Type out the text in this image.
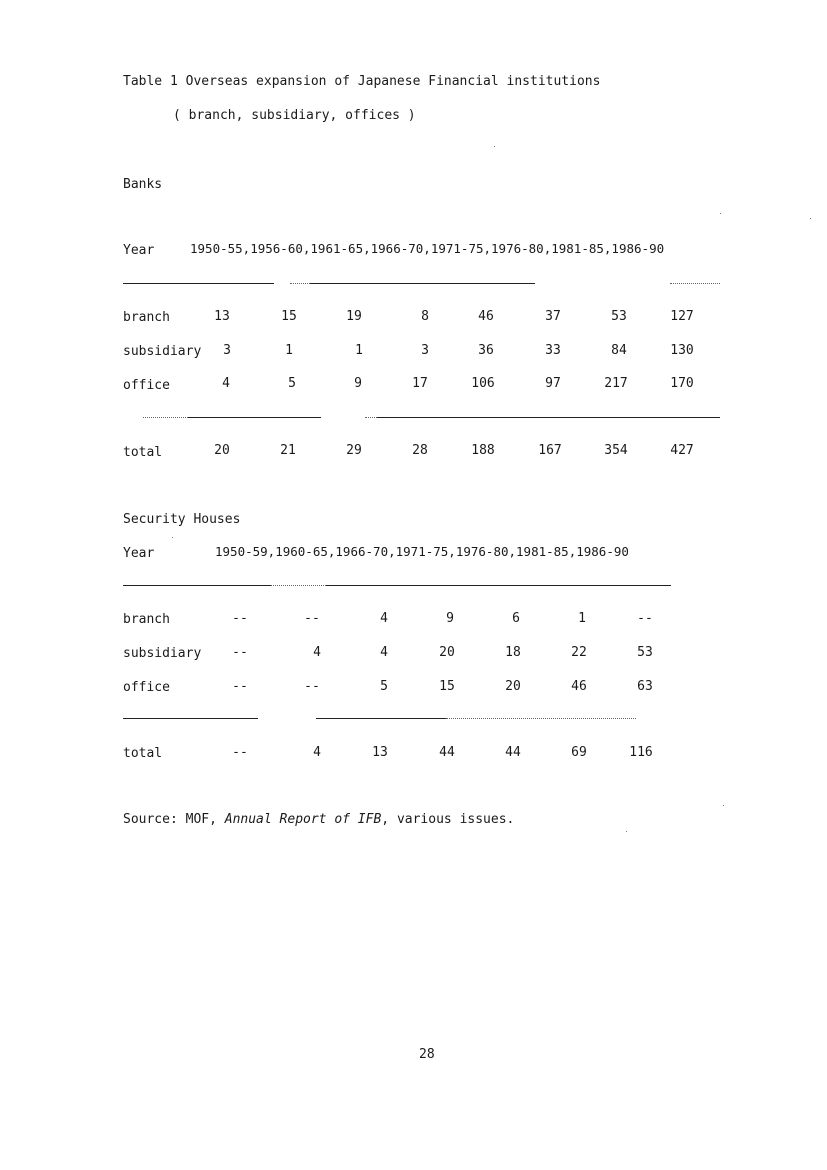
Table 1 Overseas expansion of Japanese Financial institutions
( branch, subsidiary, offices )
Banks
Year	1950-55,1956-60,1961-65,1966-70,1971-75,1976-80,1981-85,1986-90
branch	13	15	19	8	46	37	53	127
subsidiary	3	1	1	3	36	33	84	130
office	4	5	9	17	106	97	217	170
total	20	21	29	28	188	167	354	427
Security Houses
Year	1950-59,1960-65,1966-70,1971-75,1976-80,1981-85,1986-90
branch	--	--	4	9	6	1	--
subsidiary	--	4	4	20	18	22	53
office	--	--	5	15	20	46	63
total	--	4	13	44	44	69	116
Source: MOF, Annual Report of IFB, various issues.
28
